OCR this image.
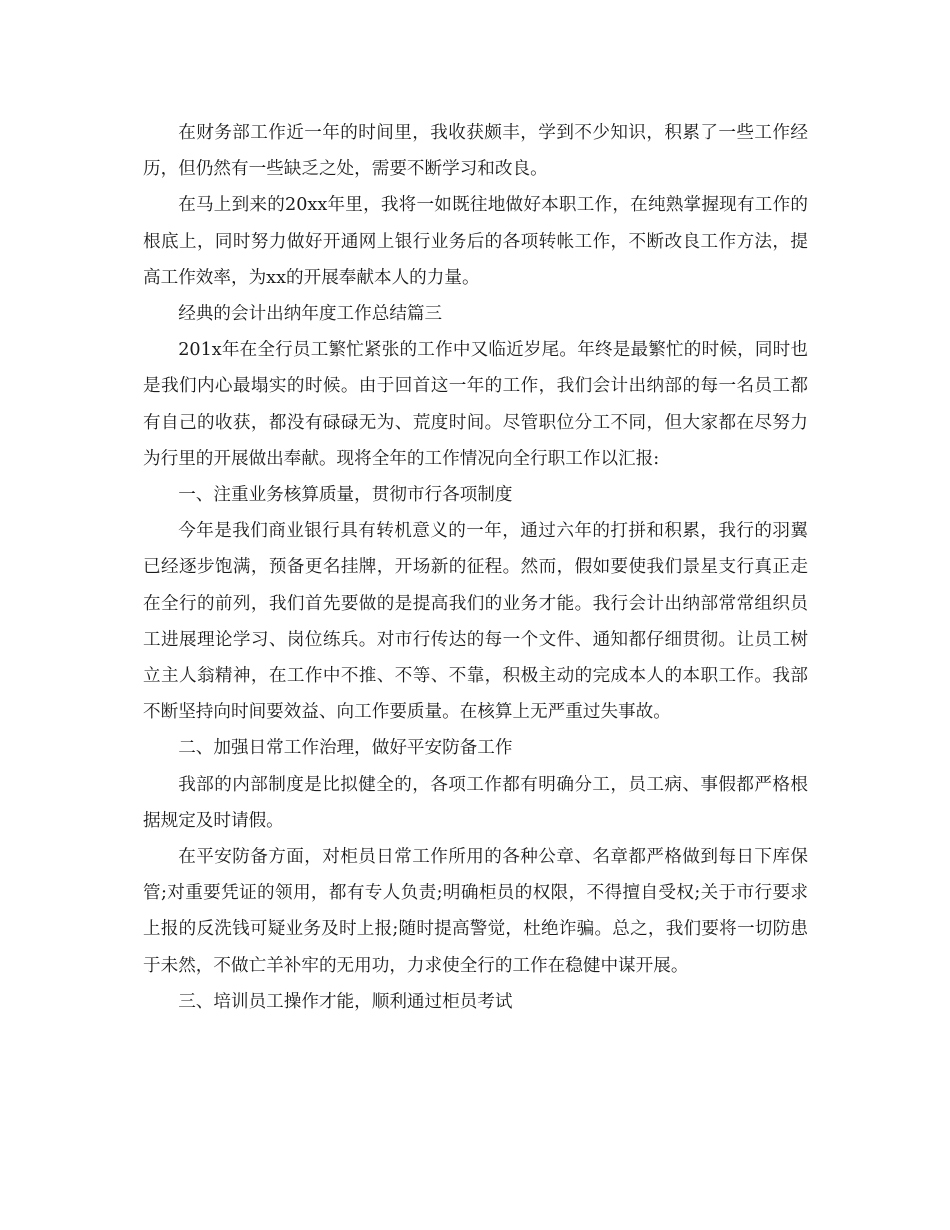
在财务部工作近一年的时间里，我收获颇丰，学到不少知识，积累了一些工作经历，但仍然有一些缺乏之处，需要不断学习和改良。

在马上到来的20xx年里，我将一如既往地做好本职工作，在纯熟掌握现有工作的根底上，同时努力做好开通网上银行业务后的各项转帐工作，不断改良工作方法，提高工作效率，为xx的开展奉献本人的力量。

经典的会计出纳年度工作总结篇三

201x年在全行员工繁忙紧张的工作中又临近岁尾。年终是最繁忙的时候，同时也是我们内心最塌实的时候。由于回首这一年的工作，我们会计出纳部的每一名员工都有自己的收获，都没有碌碌无为、荒度时间。尽管职位分工不同，但大家都在尽努力为行里的开展做出奉献。现将全年的工作情况向全行职工作以汇报:

一、注重业务核算质量，贯彻市行各项制度

今年是我们商业银行具有转机意义的一年，通过六年的打拼和积累，我行的羽翼已经逐步饱满，预备更名挂牌，开场新的征程。然而，假如要使我们景星支行真正走在全行的前列，我们首先要做的是提高我们的业务才能。我行会计出纳部常常组织员工进展理论学习、岗位练兵。对市行传达的每一个文件、通知都仔细贯彻。让员工树立主人翁精神，在工作中不推、不等、不靠，积极主动的完成本人的本职工作。我部不断坚持向时间要效益、向工作要质量。在核算上无严重过失事故。

二、加强日常工作治理，做好平安防备工作

我部的内部制度是比拟健全的，各项工作都有明确分工，员工病、事假都严格根据规定及时请假。

在平安防备方面，对柜员日常工作所用的各种公章、名章都严格做到每日下库保管;对重要凭证的领用，都有专人负责;明确柜员的权限，不得擅自受权;关于市行要求上报的反洗钱可疑业务及时上报;随时提高警觉，杜绝诈骗。总之，我们要将一切防患于未然，不做亡羊补牢的无用功，力求使全行的工作在稳健中谋开展。

三、培训员工操作才能，顺利通过柜员考试
